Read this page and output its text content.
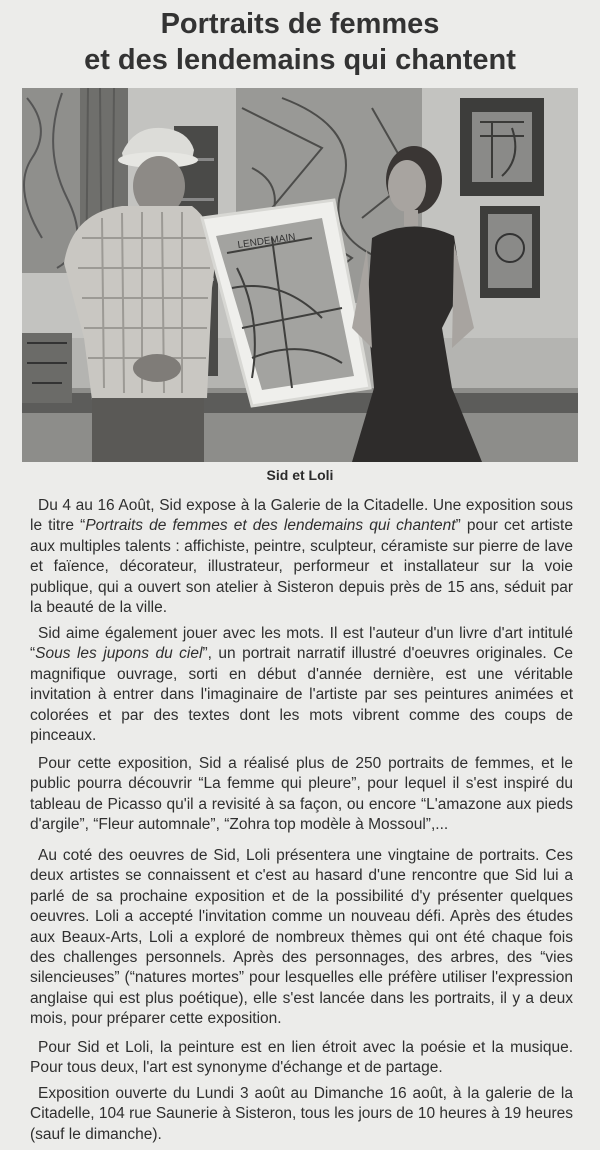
Portraits de femmes
et des lendemains qui chantent
LENDEMAIN
Sid et Loli

Du 4 au 16 Août, Sid expose à la Galerie de la Citadelle. Une exposition sous le titre “Portraits de femmes et des lendemains qui chantent” pour cet artiste aux multiples talents : affichiste, peintre, sculpteur, céramiste sur pierre de lave et faïence, décorateur, illustrateur, performeur et installateur sur la voie publique, qui a ouvert son atelier à Sisteron depuis près de 15 ans, séduit par la beauté de la ville.

Sid aime également jouer avec les mots. Il est l'auteur d'un livre d'art intitulé “Sous les jupons du ciel”, un portrait narratif illustré d'oeuvres originales. Ce magnifique ouvrage, sorti en début d'année dernière, est une véritable invitation à entrer dans l'imaginaire de l'artiste par ses peintures animées et colorées et par des textes dont les mots vibrent comme des coups de pinceaux.

Pour cette exposition, Sid a réalisé plus de 250 portraits de femmes, et le public pourra découvrir “La femme qui pleure”, pour lequel il s'est inspiré du tableau de Picasso qu'il a revisité à sa façon, ou encore “L'amazone aux pieds d'argile”, “Fleur automnale”, “Zohra top modèle à Mossoul”,...

Au coté des oeuvres de Sid, Loli présentera une vingtaine de portraits. Ces deux artistes se connaissent et c'est au hasard d'une rencontre que Sid lui a parlé de sa prochaine exposition et de la possibilité d'y présenter quelques oeuvres. Loli a accepté l'invitation comme un nouveau défi. Après des études aux Beaux-Arts, Loli a exploré de nombreux thèmes qui ont été chaque fois des challenges personnels. Après des personnages, des arbres, des “vies silencieuses” (“natures mortes” pour lesquelles elle préfère utiliser l'expression anglaise qui est plus poétique), elle s'est lancée dans les portraits, il y a deux mois, pour préparer cette exposition.

Pour Sid et Loli, la peinture est en lien étroit avec la poésie et la musique. Pour tous deux, l'art est synonyme d'échange et de partage.

Exposition ouverte du Lundi 3 août au Dimanche 16 août, à la galerie de la Citadelle, 104 rue Saunerie à Sisteron, tous les jours de 10 heures à 19 heures (sauf le dimanche).
